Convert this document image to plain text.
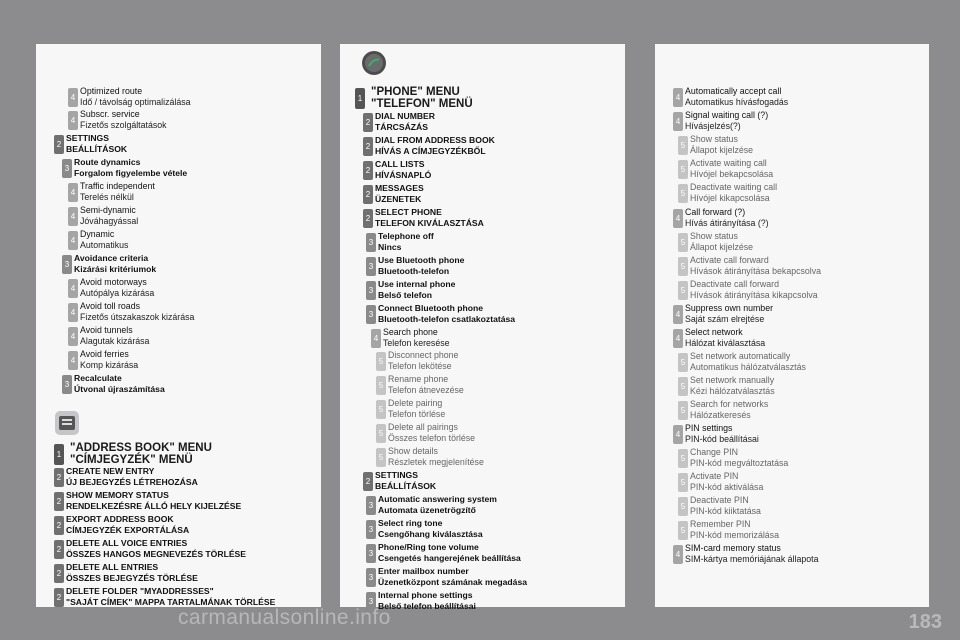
4
Optimized route
Idő / távolság optimalizálása
4
Subscr. service
Fizetős szolgáltatások
2
SETTINGS
BEÁLLÍTÁSOK
3
Route dynamics
Forgalom figyelembe vétele
4
Traffic independent
Terelés nélkül
4
Semi-dynamic
Jóváhagyással
4
Dynamic
Automatikus
3
Avoidance criteria
Kizárási kritériumok
4
Avoid motorways
Autópálya kizárása
4
Avoid toll roads
Fizetős útszakaszok kizárása
4
Avoid tunnels
Alagutak kizárása
4
Avoid ferries
Komp kizárása
3
Recalculate
Útvonal újraszámítása
1
"ADDRESS BOOK" MENU
"CÍMJEGYZÉK" MENÜ
2
CREATE NEW ENTRY
ÚJ BEJEGYZÉS LÉTREHOZÁSA
2
SHOW MEMORY STATUS
RENDELKEZÉSRE ÁLLÓ HELY KIJELZÉSE
2
EXPORT ADDRESS BOOK
CÍMJEGYZÉK EXPORTÁLÁSA
2
DELETE ALL VOICE ENTRIES
ÖSSZES HANGOS MEGNEVEZÉS TÖRLÉSE
2
DELETE ALL ENTRIES
ÖSSZES BEJEGYZÉS TÖRLÉSE
2
DELETE FOLDER "MYADDRESSES"
"SAJÁT CÍMEK" MAPPA TARTALMÁNAK TÖRLÉSE
1
"PHONE" MENU
"TELEFON" MENÜ
2
DIAL NUMBER
TÁRCSÁZÁS
2
DIAL FROM ADDRESS BOOK
HÍVÁS A CÍMJEGYZÉKBŐL
2
CALL LISTS
HÍVÁSNAPLÓ
2
MESSAGES
ÜZENETEK
2
SELECT PHONE
TELEFON KIVÁLASZTÁSA
3
Telephone off
Nincs
3
Use Bluetooth phone
Bluetooth-telefon
3
Use internal phone
Belső telefon
3
Connect Bluetooth phone
Bluetooth-telefon csatlakoztatása
4
Search phone
Telefon keresése
5
Disconnect phone
Telefon lekötése
5
Rename phone
Telefon átnevezése
5
Delete pairing
Telefon törlése
5
Delete all pairings
Összes telefon törlése
5
Show details
Részletek megjelenítése
2
SETTINGS
BEÁLLÍTÁSOK
3
Automatic answering system
Automata üzenetrögzítő
3
Select ring tone
Csengőhang kiválasztása
3
Phone/Ring tone volume
Csengetés hangerejének beállítása
3
Enter mailbox number
Üzenetközpont számának megadása
3
Internal phone settings
Belső telefon beállításai
4
Automatically accept call
Automatikus hívásfogadás
4
Signal waiting call (?)
Hívásjelzés(?)
5
Show status
Állapot kijelzése
5
Activate waiting call
Hívójel bekapcsolása
5
Deactivate waiting call
Hívójel kikapcsolása
4
Call forward (?)
Hívás átirányítása (?)
5
Show status
Állapot kijelzése
5
Activate call forward
Hívások átirányítása bekapcsolva
5
Deactivate call forward
Hívások átirányítása kikapcsolva
4
Suppress own number
Saját szám elrejtése
4
Select network
Hálózat kiválasztása
5
Set network automatically
Automatikus hálózatválasztás
5
Set network manually
Kézi hálózatválasztás
5
Search for networks
Hálózatkeresés
4
PIN settings
PIN-kód beállításai
5
Change PIN
PIN-kód megváltoztatása
5
Activate PIN
PIN-kód aktiválása
5
Deactivate PIN
PIN-kód kiiktatása
5
Remember PIN
PIN-kód memorizálása
4
SIM-card memory status
SIM-kártya memóriájának állapota
carmanualsonline.info	183
